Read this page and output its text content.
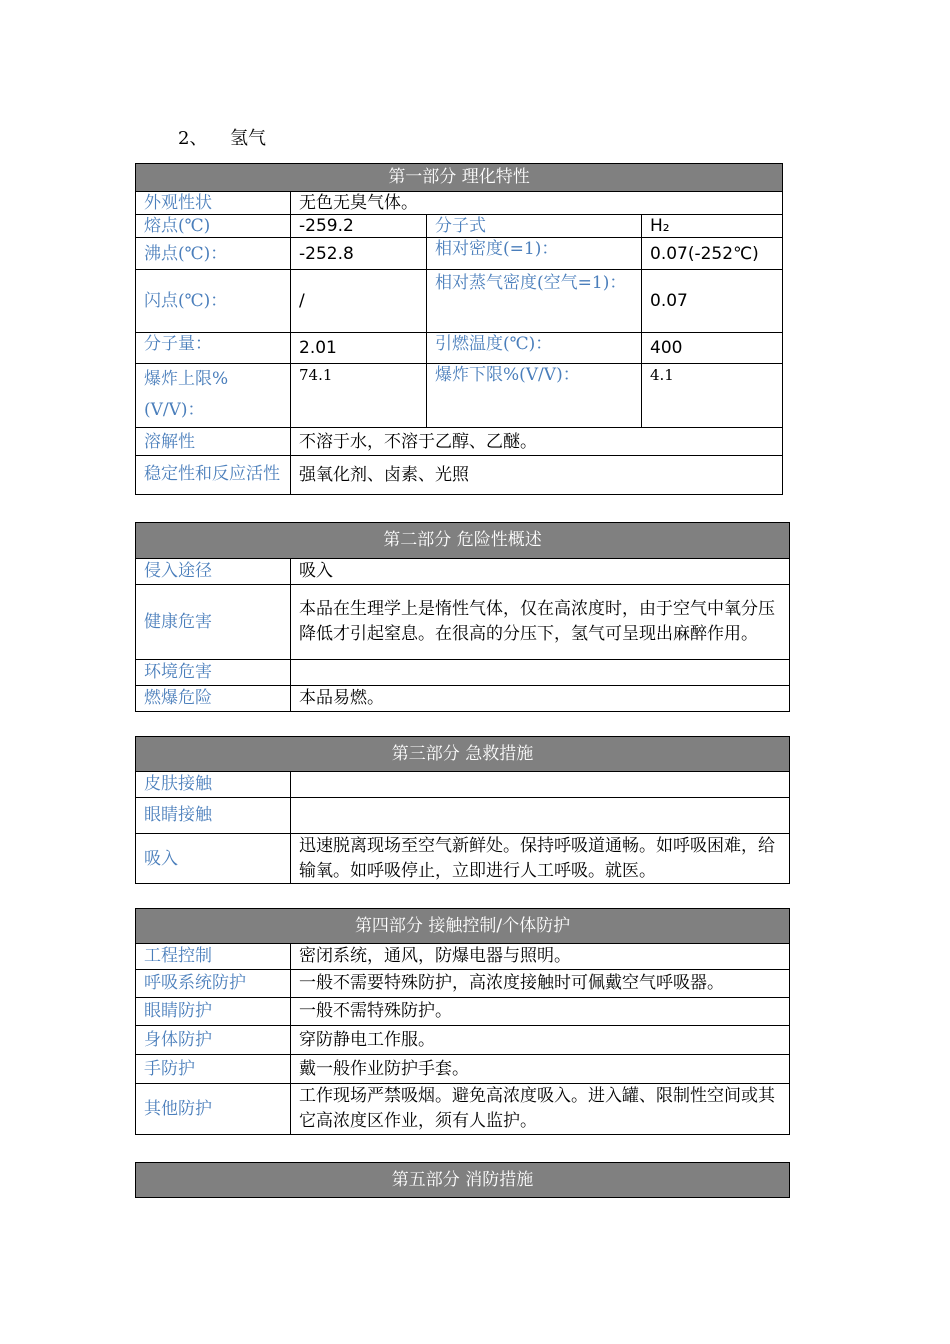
2、 氢气
第一部分 理化特性			
外观性状	无色无臭气体。		
熔点(℃)	-259.2	分子式	H₂
沸点(℃)：	-252.8	相对密度(=1)：	0.07(-252℃)
闪点(℃)：	/	相对蒸气密度(空气=1)：	0.07
分子量：	2.01	引燃温度(℃)：	400
爆炸上限%(V/V)：	74.1	爆炸下限%(V/V)：	4.1
溶解性	不溶于水，不溶于乙醇、乙醚。		
稳定性和反应活性	强氧化剂、卤素、光照		
第二部分 危险性概述	
侵入途径	吸入
健康危害	本品在生理学上是惰性气体，仅在高浓度时，由于空气中氧分压降低才引起窒息。在很高的分压下，氢气可呈现出麻醉作用。
环境危害	
燃爆危险	本品易燃。
第三部分 急救措施	
皮肤接触	
眼睛接触	
吸入	迅速脱离现场至空气新鲜处。保持呼吸道通畅。如呼吸困难，给输氧。如呼吸停止，立即进行人工呼吸。就医。
第四部分 接触控制/个体防护	
工程控制	密闭系统，通风，防爆电器与照明。
呼吸系统防护	一般不需要特殊防护，高浓度接触时可佩戴空气呼吸器。
眼睛防护	一般不需特殊防护。
身体防护	穿防静电工作服。
手防护	戴一般作业防护手套。
其他防护	工作现场严禁吸烟。避免高浓度吸入。进入罐、限制性空间或其它高浓度区作业，须有人监护。
第五部分 消防措施
